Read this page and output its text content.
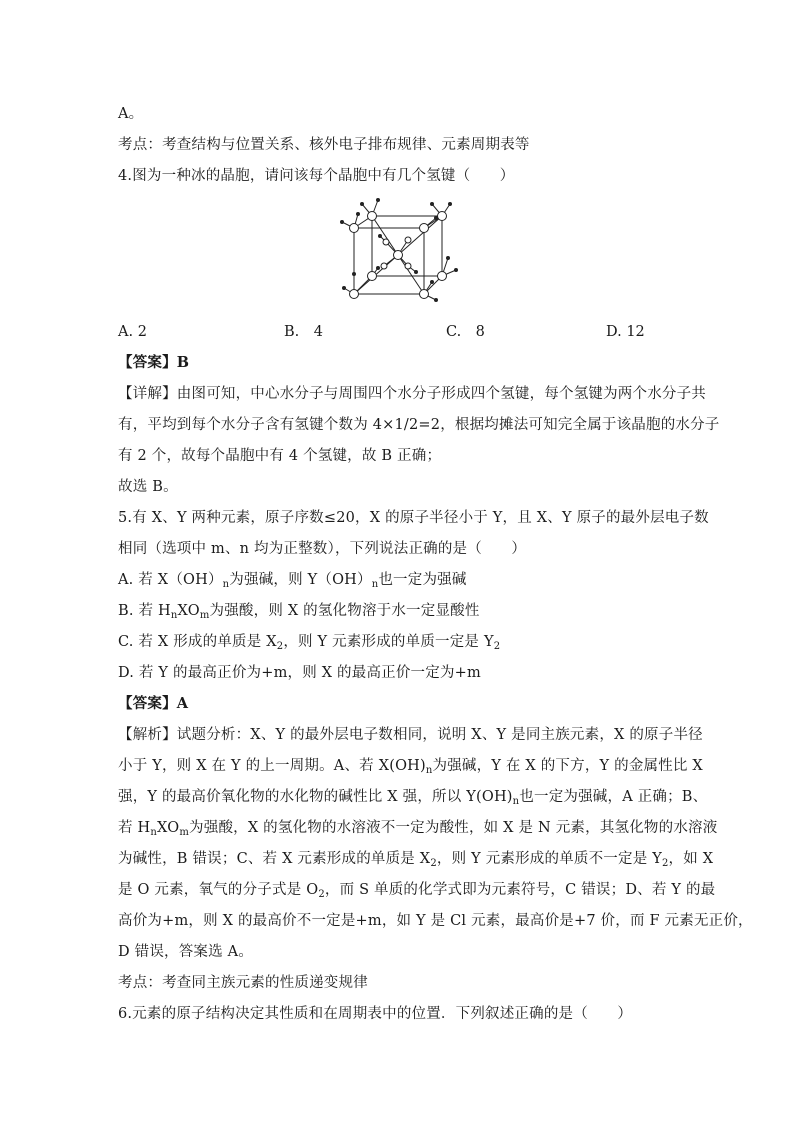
A。
考点：考查结构与位置关系、核外电子排布规律、元素周期表等
4.图为一种冰的晶胞，请问该每个晶胞中有几个氢键（　　）
A. 2	B.　4	C.　8	D. 12
【答案】B
【详解】由图可知，中心水分子与周围四个水分子形成四个氢键，每个氢键为两个水分子共
有，平均到每个水分子含有氢键个数为 4×1/2=2，根据均摊法可知完全属于该晶胞的水分子
有 2 个，故每个晶胞中有 4 个氢键，故 B 正确；
故选 B。
5.有 X、Y 两种元素，原子序数≤20，X 的原子半径小于 Y，且 X、Y 原子的最外层电子数
相同（选项中 m、n 均为正整数），下列说法正确的是（　　）
A. 若 $X(OH)_n$为强碱，则 $Y(OH)_n$也一定为强碱
B. 若 $H_nXO_m$为强酸，则 X 的氢化物溶于水一定显酸性
C. 若 X 形成的单质是 $X_2$，则 Y 元素形成的单质一定是 $Y_2$
D. 若 Y 的最高正价为+m，则 X 的最高正价一定为+m
【答案】A
【解析】试题分析：X、Y 的最外层电子数相同，说明 X、Y 是同主族元素，X 的原子半径
小于 Y，则 X 在 Y 的上一周期。A、若 $X(OH)_n$为强碱，Y 在 X 的下方，Y 的金属性比 X
强，Y 的最高价氧化物的水化物的碱性比 X 强，所以 $Y(OH)_n$也一定为强碱，A 正确；B、
若 $H_nXO_m$为强酸，X 的氢化物的水溶液不一定为酸性，如 X 是 N 元素，其氢化物的水溶液
为碱性，B 错误；C、若 X 元素形成的单质是 $X_2$，则 Y 元素形成的单质不一定是 $Y_2$，如 X
是 O 元素，氧气的分子式是 $O_2$，而 S 单质的化学式即为元素符号，C 错误；D、若 Y 的最
高价为+m，则 X 的最高价不一定是+m，如 Y 是 Cl 元素，最高价是+7 价，而 F 元素无正价，
D 错误，答案选 A。
考点：考查同主族元素的性质递变规律
6.元素的原子结构决定其性质和在周期表中的位置．下列叙述正确的是（　　）
